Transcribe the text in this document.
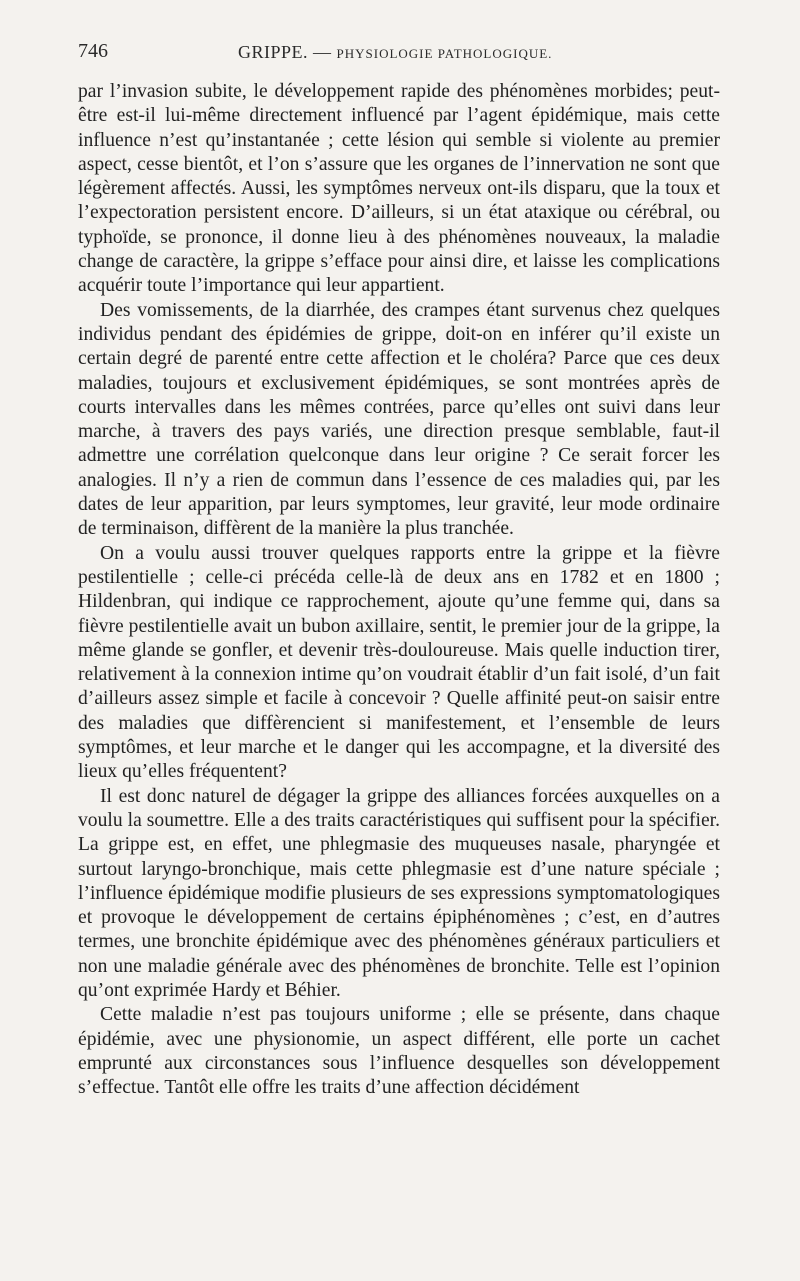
746	GRIPPE. — PHYSIOLOGIE PATHOLOGIQUE.

par l’invasion subite, le développement rapide des phénomènes morbides; peut-être est-il lui-même directement influencé par l’agent épidémique, mais cette influence n’est qu’instantanée ; cette lésion qui semble si violente au premier aspect, cesse bientôt, et l’on s’assure que les organes de l’innervation ne sont que légèrement affectés. Aussi, les symptômes nerveux ont-ils disparu, que la toux et l’expectoration persistent encore. D’ailleurs, si un état ataxique ou cérébral, ou typhoïde, se prononce, il donne lieu à des phénomènes nouveaux, la maladie change de caractère, la grippe s’efface pour ainsi dire, et laisse les complications acquérir toute l’importance qui leur appartient.

Des vomissements, de la diarrhée, des crampes étant survenus chez quelques individus pendant des épidémies de grippe, doit-on en inférer qu’il existe un certain degré de parenté entre cette affection et le choléra? Parce que ces deux maladies, toujours et exclusivement épidémiques, se sont montrées après de courts intervalles dans les mêmes contrées, parce qu’elles ont suivi dans leur marche, à travers des pays variés, une direction presque semblable, faut-il admettre une corrélation quelconque dans leur origine ? Ce serait forcer les analogies. Il n’y a rien de commun dans l’essence de ces maladies qui, par les dates de leur apparition, par leurs symptomes, leur gravité, leur mode ordinaire de terminaison, diffèrent de la manière la plus tranchée.

On a voulu aussi trouver quelques rapports entre la grippe et la fièvre pestilentielle ; celle-ci précéda celle-là de deux ans en 1782 et en 1800 ; Hildenbran, qui indique ce rapprochement, ajoute qu’une femme qui, dans sa fièvre pestilentielle avait un bubon axillaire, sentit, le premier jour de la grippe, la même glande se gonfler, et devenir très-douloureuse. Mais quelle induction tirer, relativement à la connexion intime qu’on voudrait établir d’un fait isolé, d’un fait d’ailleurs assez simple et facile à concevoir ? Quelle affinité peut-on saisir entre des maladies que diffèrencient si manifestement, et l’ensemble de leurs symptômes, et leur marche et le danger qui les accompagne, et la diversité des lieux qu’elles fréquentent?

Il est donc naturel de dégager la grippe des alliances forcées auxquelles on a voulu la soumettre. Elle a des traits caractéristiques qui suffisent pour la spécifier. La grippe est, en effet, une phlegmasie des muqueuses nasale, pharyngée et surtout laryngo-bronchique, mais cette phlegmasie est d’une nature spéciale ; l’influence épidémique modifie plusieurs de ses expressions symptomatologiques et provoque le développement de certains épiphénomènes ; c’est, en d’autres termes, une bronchite épidémique avec des phénomènes généraux particuliers et non une maladie générale avec des phénomènes de bronchite. Telle est l’opinion qu’ont exprimée Hardy et Béhier.

Cette maladie n’est pas toujours uniforme ; elle se présente, dans chaque épidémie, avec une physionomie, un aspect différent, elle porte un cachet emprunté aux circonstances sous l’influence desquelles son développement s’effectue. Tantôt elle offre les traits d’une affection décidément
